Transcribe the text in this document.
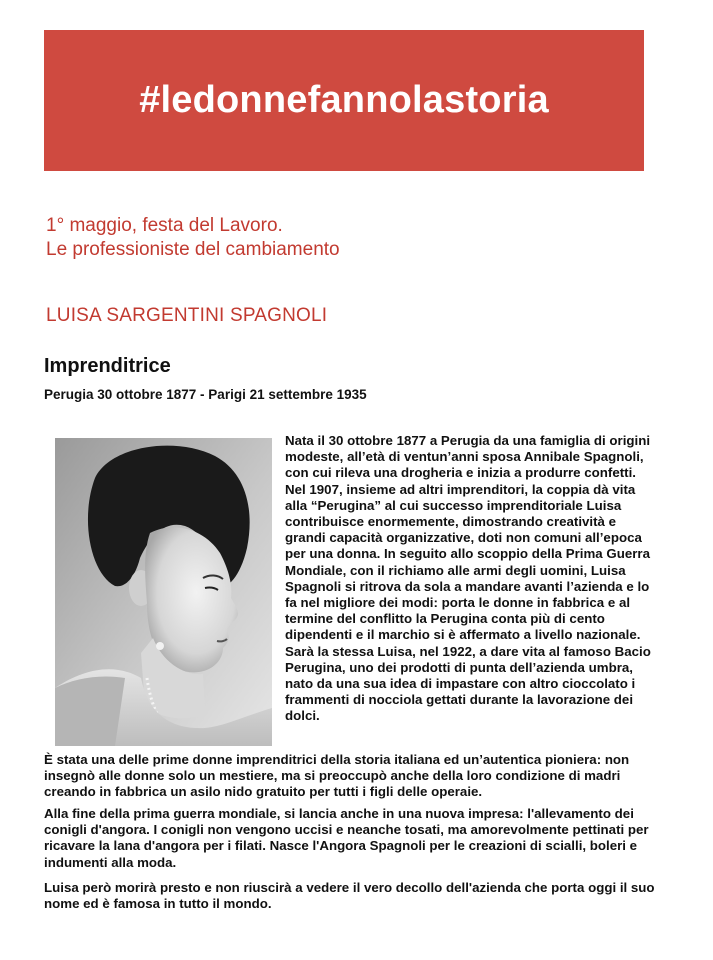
#ledonnefannolastoria
1° maggio, festa del Lavoro.
Le professioniste del cambiamento
LUISA SARGENTINI SPAGNOLI
Imprenditrice
Perugia 30 ottobre 1877 - Parigi 21 settembre 1935
Nata il 30 ottobre 1877 a Perugia da una famiglia di origini modeste, all’età di ventun’anni sposa Annibale Spagnoli, con cui rileva una drogheria e inizia a produrre confetti. Nel 1907, insieme ad altri imprenditori, la coppia dà vita alla “Perugina” al cui successo imprenditoriale Luisa contribuisce enormemente, dimostrando creatività e grandi capacità organizzative, doti non comuni all’epoca per una donna. In seguito allo scoppio della Prima Guerra Mondiale, con il richiamo alle armi degli uomini, Luisa Spagnoli si ritrova da sola a mandare avanti l’azienda e lo fa nel migliore dei modi: porta le donne in fabbrica e al termine del conflitto la Perugina conta più di cento dipendenti e il marchio si è affermato a livello nazionale. Sarà la stessa Luisa, nel 1922, a dare vita al famoso Bacio Perugina, uno dei prodotti di punta dell’azienda umbra, nato da una sua idea di impastare con altro cioccolato i frammenti di nocciola gettati durante la lavorazione dei dolci.
È stata una delle prime donne imprenditrici della storia italiana ed un’autentica pioniera: non insegnò alle donne solo un mestiere, ma si preoccupò anche della loro condizione di madri creando in fabbrica un asilo nido gratuito per tutti i figli delle operaie.
Alla fine della prima guerra mondiale, si lancia anche in una nuova impresa: l'allevamento dei conigli d'angora. I conigli non vengono uccisi e neanche tosati, ma amorevolmente pettinati per ricavare la lana d'angora per i filati. Nasce l'Angora Spagnoli per le creazioni di scialli, boleri e indumenti alla moda.
Luisa però morirà presto e non riuscirà a vedere il vero decollo dell'azienda che porta oggi il suo nome ed è famosa in tutto il mondo.
